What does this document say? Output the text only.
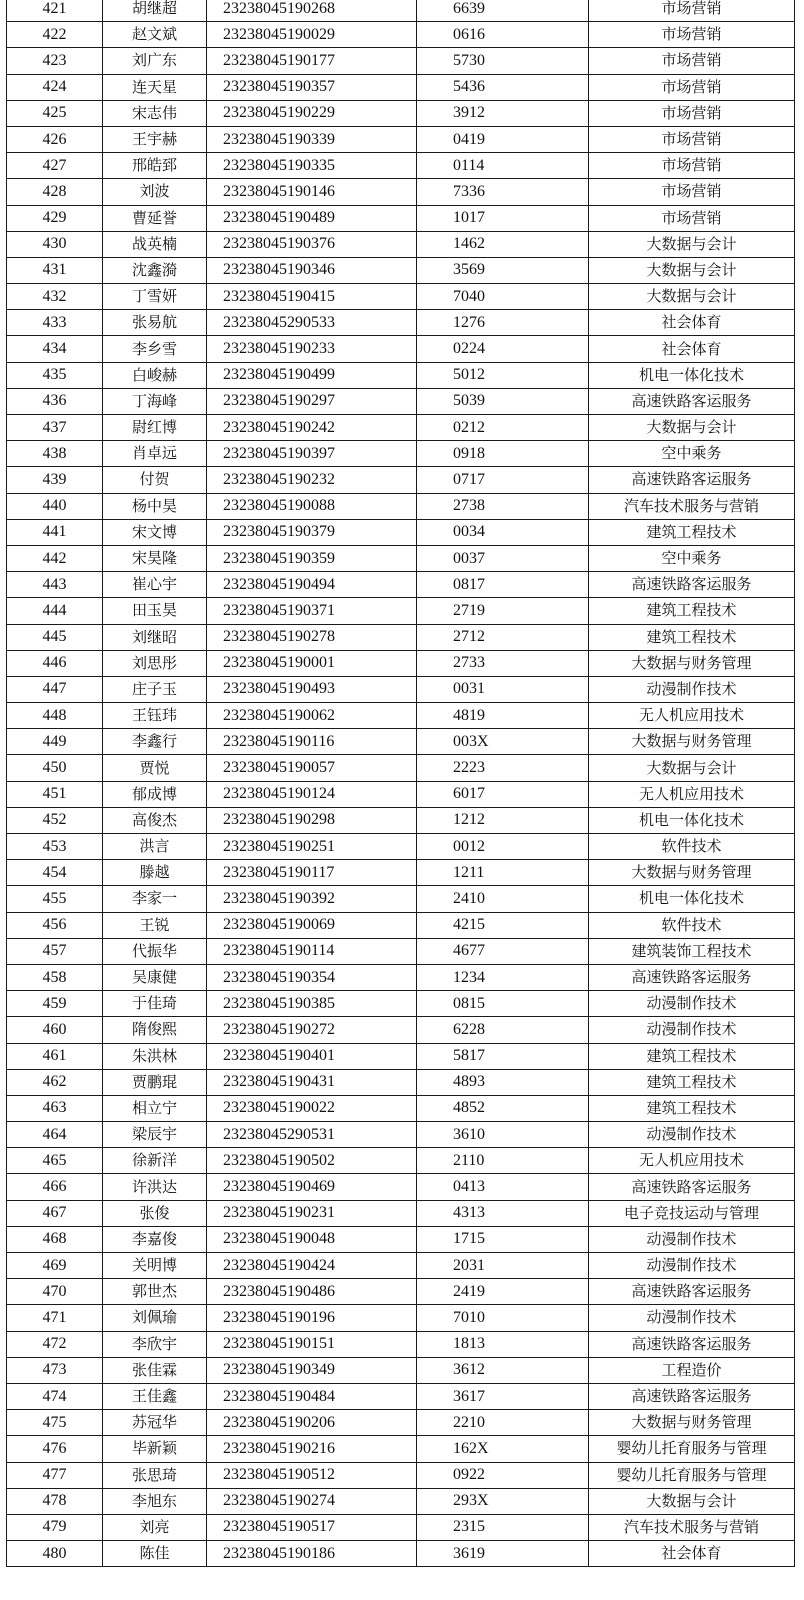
421	胡继超	23238045190268	6639	市场营销
422	赵文斌	23238045190029	0616	市场营销
423	刘广东	23238045190177	5730	市场营销
424	连天星	23238045190357	5436	市场营销
425	宋志伟	23238045190229	3912	市场营销
426	王宇赫	23238045190339	0419	市场营销
427	邢皓郅	23238045190335	0114	市场营销
428	刘波	23238045190146	7336	市场营销
429	曹延誉	23238045190489	1017	市场营销
430	战英楠	23238045190376	1462	大数据与会计
431	沈鑫漪	23238045190346	3569	大数据与会计
432	丁雪妍	23238045190415	7040	大数据与会计
433	张易航	23238045290533	1276	社会体育
434	李乡雪	23238045190233	0224	社会体育
435	白峻赫	23238045190499	5012	机电一体化技术
436	丁海峰	23238045190297	5039	高速铁路客运服务
437	尉红博	23238045190242	0212	大数据与会计
438	肖卓远	23238045190397	0918	空中乘务
439	付贺	23238045190232	0717	高速铁路客运服务
440	杨中昊	23238045190088	2738	汽车技术服务与营销
441	宋文博	23238045190379	0034	建筑工程技术
442	宋昊隆	23238045190359	0037	空中乘务
443	崔心宇	23238045190494	0817	高速铁路客运服务
444	田玉昊	23238045190371	2719	建筑工程技术
445	刘继昭	23238045190278	2712	建筑工程技术
446	刘思彤	23238045190001	2733	大数据与财务管理
447	庄子玉	23238045190493	0031	动漫制作技术
448	王钰玮	23238045190062	4819	无人机应用技术
449	李鑫行	23238045190116	003X	大数据与财务管理
450	贾悦	23238045190057	2223	大数据与会计
451	郁成博	23238045190124	6017	无人机应用技术
452	高俊杰	23238045190298	1212	机电一体化技术
453	洪言	23238045190251	0012	软件技术
454	滕越	23238045190117	1211	大数据与财务管理
455	李家一	23238045190392	2410	机电一体化技术
456	王锐	23238045190069	4215	软件技术
457	代振华	23238045190114	4677	建筑装饰工程技术
458	吴康健	23238045190354	1234	高速铁路客运服务
459	于佳琦	23238045190385	0815	动漫制作技术
460	隋俊熙	23238045190272	6228	动漫制作技术
461	朱洪林	23238045190401	5817	建筑工程技术
462	贾鹏琨	23238045190431	4893	建筑工程技术
463	相立宁	23238045190022	4852	建筑工程技术
464	梁辰宇	23238045290531	3610	动漫制作技术
465	徐新洋	23238045190502	2110	无人机应用技术
466	许洪达	23238045190469	0413	高速铁路客运服务
467	张俊	23238045190231	4313	电子竞技运动与管理
468	李嘉俊	23238045190048	1715	动漫制作技术
469	关明博	23238045190424	2031	动漫制作技术
470	郭世杰	23238045190486	2419	高速铁路客运服务
471	刘佩瑜	23238045190196	7010	动漫制作技术
472	李欣宇	23238045190151	1813	高速铁路客运服务
473	张佳霖	23238045190349	3612	工程造价
474	王佳鑫	23238045190484	3617	高速铁路客运服务
475	苏冠华	23238045190206	2210	大数据与财务管理
476	毕新颖	23238045190216	162X	婴幼儿托育服务与管理
477	张思琦	23238045190512	0922	婴幼儿托育服务与管理
478	李旭东	23238045190274	293X	大数据与会计
479	刘亮	23238045190517	2315	汽车技术服务与营销
480	陈佳	23238045190186	3619	社会体育
